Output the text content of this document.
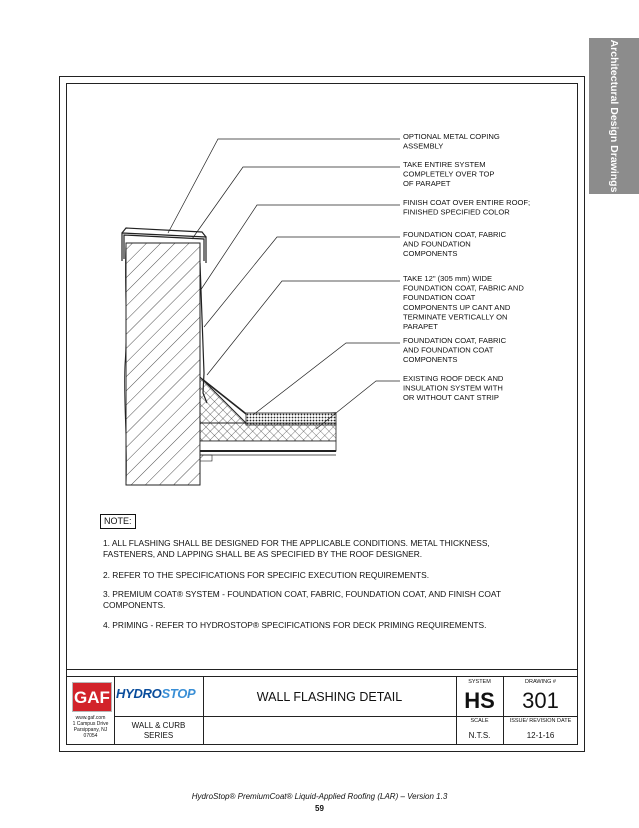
Architectural Design Drawings
OPTIONAL METAL COPING ASSEMBLY
TAKE ENTIRE SYSTEM COMPLETELY OVER TOP OF PARAPET
FINISH COAT OVER ENTIRE ROOF; FINISHED SPECIFIED COLOR
FOUNDATION COAT, FABRIC AND FOUNDATION COMPONENTS
TAKE 12" (305 mm) WIDE FOUNDATION COAT, FABRIC AND FOUNDATION COAT COMPONENTS UP CANT AND TERMINATE VERTICALLY ON PARAPET
FOUNDATION COAT, FABRIC AND FOUNDATION COAT COMPONENTS
EXISTING ROOF DECK AND INSULATION SYSTEM WITH OR WITHOUT CANT STRIP
NOTE:
1. ALL FLASHING SHALL BE DESIGNED FOR THE APPLICABLE CONDITIONS. METAL THICKNESS, FASTENERS, AND LAPPING SHALL BE AS SPECIFIED BY THE ROOF DESIGNER.
2. REFER TO THE SPECIFICATIONS FOR SPECIFIC EXECUTION REQUIREMENTS.
3. PREMIUM COAT® SYSTEM - FOUNDATION COAT, FABRIC, FOUNDATION COAT, AND FINISH COAT COMPONENTS.
4. PRIMING - REFER TO HYDROSTOP® SPECIFICATIONS FOR DECK PRIMING REQUIREMENTS.
GAF HYDROSTOP
www.gaf.com
1 Campus Drive
Parsippany, NJ
07054
WALL FLASHING DETAIL
WALL & CURB
SERIES
SYSTEM
HS
DRAWING #
301
SCALE
N.T.S.
ISSUE/ REVISION DATE
12-1-16
HydroStop® PremiumCoat® Liquid-Applied Roofing (LAR) – Version 1.3
59
